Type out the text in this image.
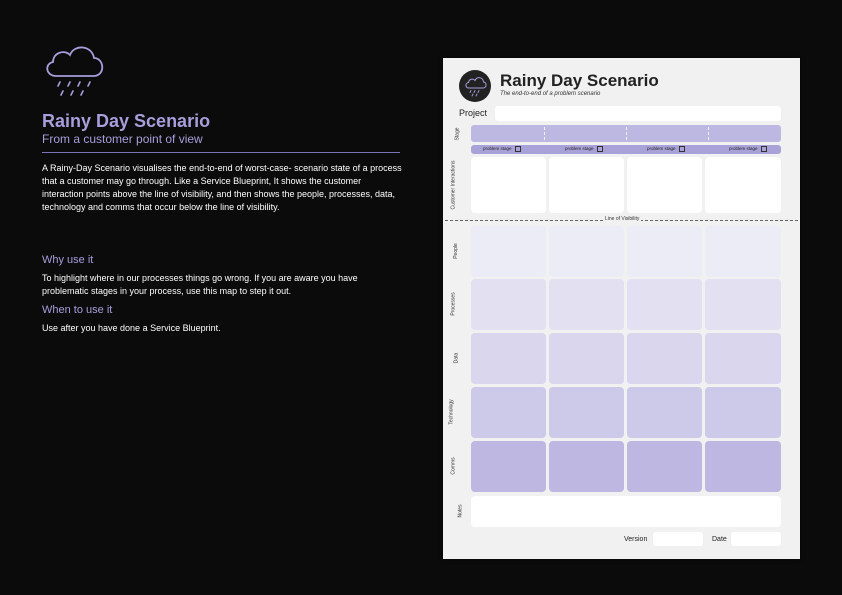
Rainy Day Scenario
From a customer point of view
A Rainy-Day Scenario visualises the end-to-end of worst-case- scenario state of a process that a customer may go through. Like a Service Blueprint, It shows the customer interaction points above the line of visibility, and then shows the people, processes, data, technology and comms that occur below the line of visibility.
Why use it
To highlight where in our processes things go wrong. If you are aware you have problematic stages in your process, use this map to step it out.
When to use it
Use after you have done a Service Blueprint.
Rainy Day Scenario
The end-to-end of a problem scenario
Project
Stage
problem stage	problem stage	problem stage	problem stage
Customer Interactions
Line of Visibility
People
Processes
Data
Technology
Comms
Notes
Version	Date
